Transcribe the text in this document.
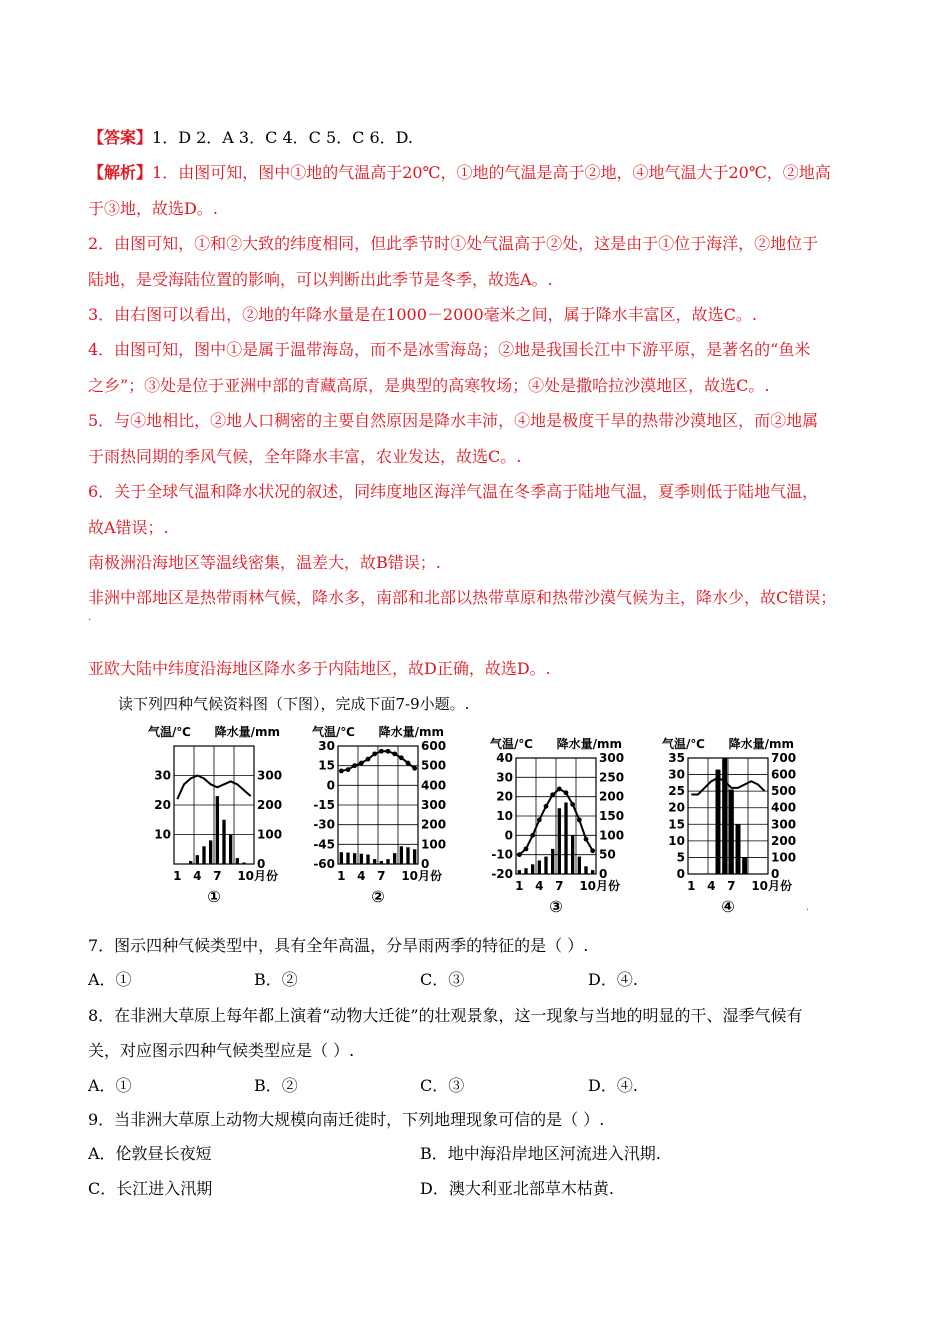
【答案】1．D 2．A 3．C 4．C 5．C 6．D.
【解析】1．由图可知，图中①地的气温高于20℃，①地的气温是高于②地，④地气温大于20℃，②地高
于③地，故选D。.
2．由图可知，①和②大致的纬度相同，但此季节时①处气温高于②处，这是由于①位于海洋，②地位于
陆地，是受海陆位置的影响，可以判断出此季节是冬季，故选A。.
3．由右图可以看出，②地的年降水量是在1000－2000毫米之间，属于降水丰富区，故选C。.
4．由图可知，图中①是属于温带海岛，而不是冰雪海岛；②地是我国长江中下游平原，是著名的“鱼米
之乡”；③处是位于亚洲中部的青藏高原，是典型的高寒牧场；④处是撒哈拉沙漠地区，故选C。.
5．与④地相比，②地人口稠密的主要自然原因是降水丰沛，④地是极度干旱的热带沙漠地区，而②地属
于雨热同期的季风气候，全年降水丰富，农业发达，故选C。.
6．关于全球气温和降水状况的叙述，同纬度地区海洋气温在冬季高于陆地气温，夏季则低于陆地气温，
故A错误；.
南极洲沿海地区等温线密集，温差大，故B错误；.
非洲中部地区是热带雨林气候，降水多，南部和北部以热带草原和热带沙漠气候为主，降水少，故C错误；
.
亚欧大陆中纬度沿海地区降水多于内陆地区，故D正确，故选D。.
读下列四种气候资料图（下图），完成下面7-9小题。.
气温/℃ 降水量/mm
30
20
10
300
200
100
0
1 4 7 10月份
①
气温/℃ 降水量/mm
30
15
0
-15
-30
-45
-60
600
500
400
300
200
100
0
1 4 7 10月份
②
气温/℃ 降水量/mm
40
30
20
10
0
-10
-20
300
250
200
150
100
50
0
1 4 7 10月份
③
气温/℃ 降水量/mm
35
30
25
20
15
10
5
0
700
600
500
400
300
200
100
0
1 4 7 10月份
④	.
7．图示四种气候类型中，具有全年高温，分旱雨两季的特征的是（ ）.
A．①	B．②	C．③	D．④.
8．在非洲大草原上每年都上演着“动物大迁徙”的壮观景象，这一现象与当地的明显的干、湿季气候有
关，对应图示四种气候类型应是（ ）.
A．①	B．②	C．③	D．④.
9．当非洲大草原上动物大规模向南迁徙时，下列地理现象可信的是（ ）.
A．伦敦昼长夜短	B．地中海沿岸地区河流进入汛期.
C．长江进入汛期	D．澳大利亚北部草木枯黄.
